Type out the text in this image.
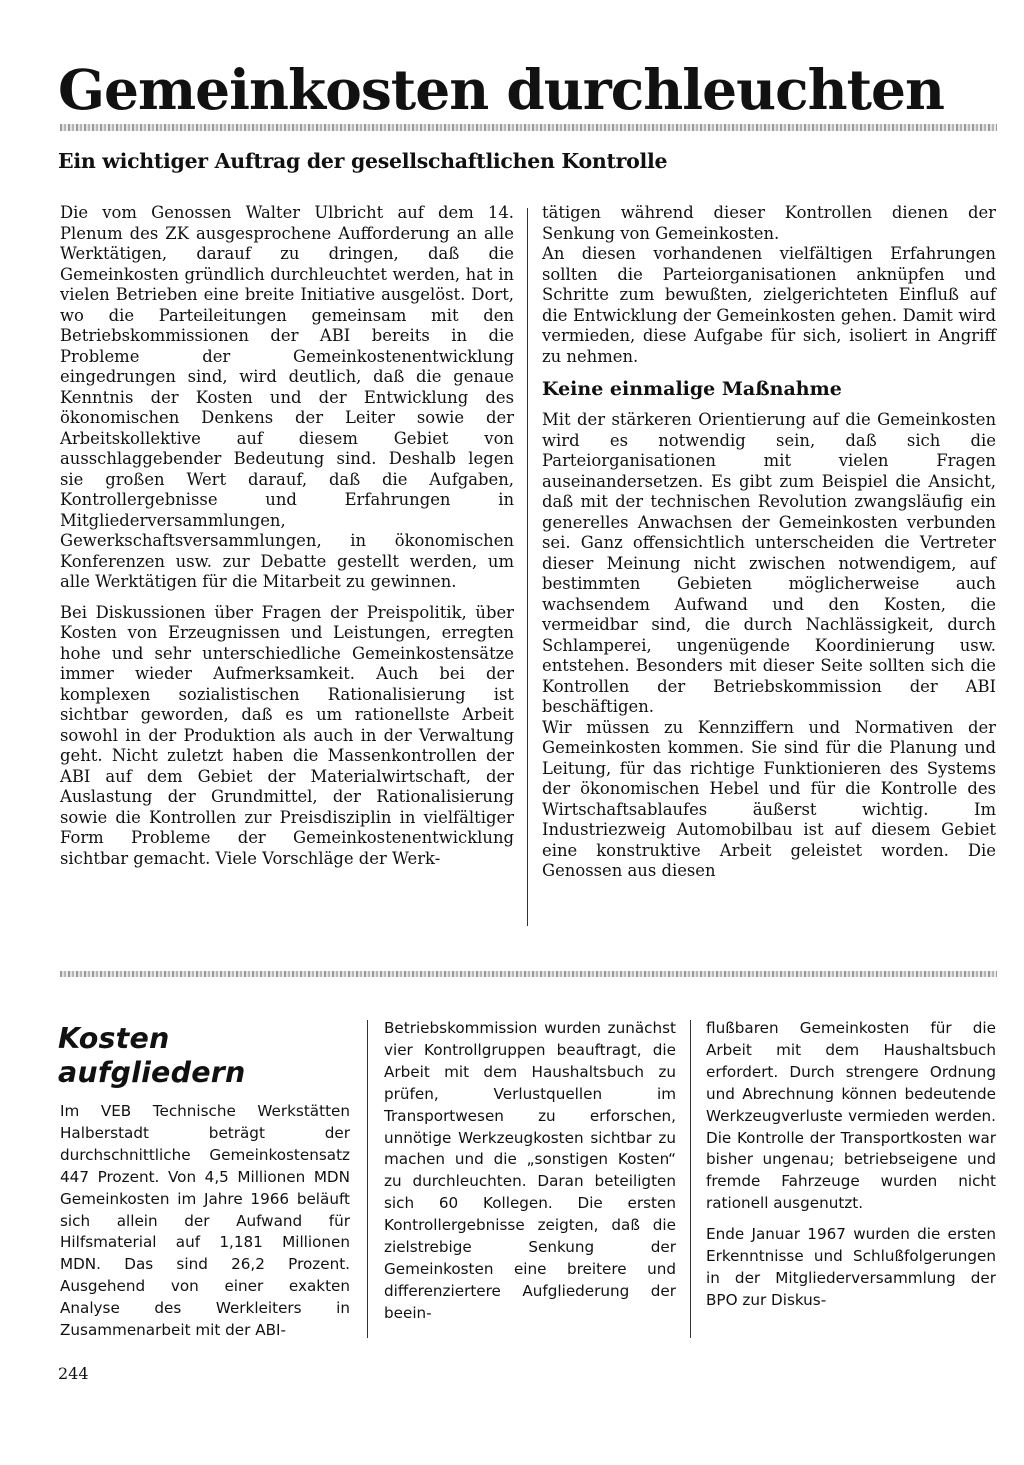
Gemeinkosten durchleuchten
Ein wichtiger Auftrag der gesellschaftlichen Kontrolle

Die vom Genossen Walter Ulbricht auf dem 14. Plenum des ZK ausgesprochene Aufforderung an alle Werktätigen, darauf zu dringen, daß die Gemeinkosten gründlich durchleuchtet werden, hat in vielen Betrieben eine breite Initiative ausgelöst. Dort, wo die Parteileitungen gemeinsam mit den Betriebskommissionen der ABI bereits in die Probleme der Gemeinkostenentwicklung eingedrungen sind, wird deutlich, daß die genaue Kenntnis der Kosten und der Entwicklung des ökonomischen Denkens der Leiter sowie der Arbeitskollektive auf diesem Gebiet von ausschlaggebender Bedeutung sind. Deshalb legen sie großen Wert darauf, daß die Aufgaben, Kontrollergebnisse und Erfahrungen in Mitgliederversammlungen, Gewerkschaftsversammlungen, in ökonomischen Konferenzen usw. zur Debatte gestellt werden, um alle Werktätigen für die Mitarbeit zu gewinnen.

Bei Diskussionen über Fragen der Preispolitik, über Kosten von Erzeugnissen und Leistungen, erregten hohe und sehr unterschiedliche Gemeinkostensätze immer wieder Aufmerksamkeit. Auch bei der komplexen sozialistischen Rationalisierung ist sichtbar geworden, daß es um rationellste Arbeit sowohl in der Produktion als auch in der Verwaltung geht. Nicht zuletzt haben die Massenkontrollen der ABI auf dem Gebiet der Materialwirtschaft, der Auslastung der Grundmittel, der Rationalisierung sowie die Kontrollen zur Preisdisziplin in vielfältiger Form Probleme der Gemeinkostenentwicklung sichtbar gemacht. Viele Vorschläge der Werk-

tätigen während dieser Kontrollen dienen der Senkung von Gemeinkosten.

An diesen vorhandenen vielfältigen Erfahrungen sollten die Parteiorganisationen anknüpfen und Schritte zum bewußten, zielgerichteten Einfluß auf die Entwicklung der Gemeinkosten gehen. Damit wird vermieden, diese Aufgabe für sich, isoliert in Angriff zu nehmen.

Keine einmalige Maßnahme

Mit der stärkeren Orientierung auf die Gemeinkosten wird es notwendig sein, daß sich die Parteiorganisationen mit vielen Fragen auseinandersetzen. Es gibt zum Beispiel die Ansicht, daß mit der technischen Revolution zwangsläufig ein generelles Anwachsen der Gemeinkosten verbunden sei. Ganz offensichtlich unterscheiden die Vertreter dieser Meinung nicht zwischen notwendigem, auf bestimmten Gebieten möglicherweise auch wachsendem Aufwand und den Kosten, die vermeidbar sind, die durch Nachlässigkeit, durch Schlamperei, ungenügende Koordinierung usw. entstehen. Besonders mit dieser Seite sollten sich die Kontrollen der Betriebskommission der ABI beschäftigen.

Wir müssen zu Kennziffern und Normativen der Gemeinkosten kommen. Sie sind für die Planung und Leitung, für das richtige Funktionieren des Systems der ökonomischen Hebel und für die Kontrolle des Wirtschaftsablaufes äußerst wichtig. Im Industriezweig Automobilbau ist auf diesem Gebiet eine konstruktive Arbeit geleistet worden. Die Genossen aus diesen

Kosten
aufgliedern

Im VEB Technische Werkstätten Halberstadt beträgt der durchschnittliche Gemeinkostensatz 447 Prozent. Von 4,5 Millionen MDN Gemeinkosten im Jahre 1966 beläuft sich allein der Aufwand für Hilfsmaterial auf 1,181 Millionen MDN. Das sind 26,2 Prozent. Ausgehend von einer exakten Analyse des Werkleiters in Zusammenarbeit mit der ABI-

Betriebskommission wurden zunächst vier Kontrollgruppen beauftragt, die Arbeit mit dem Haushaltsbuch zu prüfen, Verlustquellen im Transportwesen zu erforschen, unnötige Werkzeugkosten sichtbar zu machen und die „sonstigen Kosten“ zu durchleuchten. Daran beteiligten sich 60 Kollegen. Die ersten Kontrollergebnisse zeigten, daß die zielstrebige Senkung der Gemeinkosten eine breitere und differenziertere Aufgliederung der beein-

flußbaren Gemeinkosten für die Arbeit mit dem Haushaltsbuch erfordert. Durch strengere Ordnung und Abrechnung können bedeutende Werkzeugverluste vermieden werden. Die Kontrolle der Transportkosten war bisher ungenau; betriebseigene und fremde Fahrzeuge wurden nicht rationell ausgenutzt.

Ende Januar 1967 wurden die ersten Erkenntnisse und Schlußfolgerungen in der Mitgliederversammlung der BPO zur Diskus-

244
